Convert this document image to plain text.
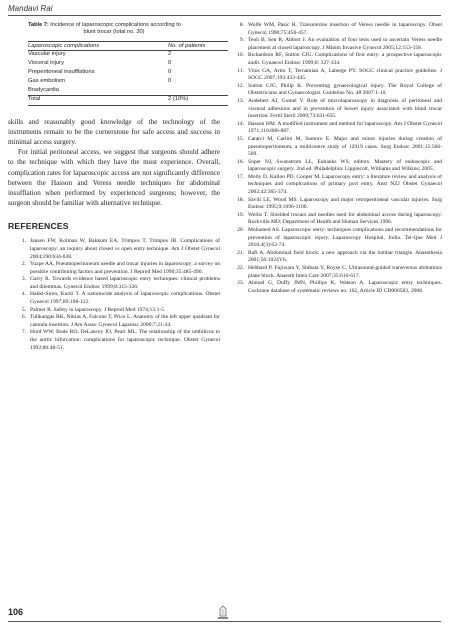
Mandavi Rai
Table 7: Incidence of laparoscopic complications according to
blunt trocar (total no. 30)
Laparoscopic complications	No. of patients
Vascular injury	2
Visceral injury	0
Preperitoneal insufflations	0
Gas embolism	0
Bradycardia	
Total	2 (10%)

skills and reasonably good knowledge of the technology of the instruments remain to be the cornerstone for safe access and success in minimal access surgery.

For initial peritoneal access, we suggest that surgeons should adhere to the technique with which they have the most experience. Overall, complication rates for laparoscopic access are not significantly difference between the Hasson and Veress needle techniques for abdominal insufflation when performed by experienced surgeons; however, the surgeon should be familiar with alternative technique.

REFERENCES
1. Jansen FW, Kolman W, Bakkum EA, Trimpos T, Trimpos JB. Complications of laparoscopy: an inquiry about closed vs open entry technique. Am J Obstet Gynecol 2004;190:634-638.
2. Yuzpe AA. Pneumoperitoneum needle and trocar injuries in laparoscopy: a survey on possible contributing factors and prevention. J Reprod Med 1990;35:485-490.
3. Garry R. Towards evidence based laparoscopic entry techniques: clinical problems and dilemmas. Gynecol Endosc 1999;8:315-326.
4. Hakki-Siren, Kurki T. A nationwide analysis of laparoscopic complications. Obstet Gynecol 1997;89:108-112.
5. Palmer R. Safety in laparoscopy. J Reprod Med 1974;13:1-5.
6. Tulikangas RK, Niklas A, Falcone T, Price L. Anatomy of the left upper quadrant for cannula insertion. J Am Assoc Gynecol Laparosc 2000;7:21-24.
7. Hurd WW, Bude RO, DeLancey JO, Pearl ML. The relationship of the umbilicus to the aortic bifurcation: complications for laparoscopic technique. Obstet Gynecol 1992;80:48-51.
8. Wolfe WM, Pasic R. Transuterine insertion of Veress needle in laparoscopy. Obset Gynecol 1990;75:456-457.
9. Teoh B, Sen R, Abbott J. An evaluation of four tests used to ascertain Veress needle placement at closed laparoscopy. J Minim Invasive Gynecol 2005;12:153-158.
10. Richardson RF, Sutton CJG. Complications of first entry: a prospective laparoscopic audit. Gynaecol Endosc 1999;8: 327-334.
11. Vilos GA, Artin T, Ternamian A, Laberge PY. SOGC clinical practice guideline. J SOGC 2007;193:433-445.
12. Sutton CJG, Philip K. Preventing gynaecological injury. The Royal College of Obstetricians and Gynaecologist. Guideline No. 48 2007:1-10.
13. Audebert AJ, Gomel V. Role of microlaparoscopy in diagnosis of peritoneal and visceral adhesions and in prevention of bowel injury associated with blind trocar insertion. Fertil Steril 2000;73:631-635.
14. Hasson HM. A modified instrument and method for laparoscopy. Am J Obstet Gynecol 1971;110:886-887.
15. Catarci M, Carlini M, Santoro E. Major and minor injuries during creation of pneumoperitoneum, a multicentre study of 12919 cases. Surg Endosc 2001;15:566-569.
16. Soper NJ, Swanstrom LL, Eubanks WS, editors. Mastery of endoscopic and laparoscopic surgery. 2nd ed. Philadelphia: Lippincott, Williams and Wilkins; 2005.
17. Molly D, Kalloo PD, Cooper M. Laparoscopy entry: a literature review and analysis of techniques and complications of primary port entry. Aust NZJ Obstet Gynaecol 2002;42:365-374.
18. Savill LE, Wood MS. Laparoscopy and major retroperitoneal vascular injuries. Surg Endosc 1995;9:1096-1100.
19. Wellis T. Shielded trocars and needles used for abdominal access during laparoscopy. Rockville MD; Department of Health and Human Services 1996.
20. Mohamed AS. Laparoscopic entry: techniques complications and recommendations for prevention of laparoscopic injury. Laparoscopy Hospital, India. Tel-Que Med J 2010;4(3):62-74.
21. Rafi A. Abdominal field block: a new approach via the lumbar triangle. Anaesthesia 2001;56:1024Y6.
22. Hebbard P, Fujiwara Y, Shibata Y, Royse C. Ultrasound-guided transversus abdominis plane block. Anaesth Inten Care 2007;35:616-617.
23. Ahmad G, Duffy JMN, Phillips K, Watson A. Laparoscopic entry techniques. Cochrane database of systematic reviews no. 162, Article ID CD006583, 2008.
106
